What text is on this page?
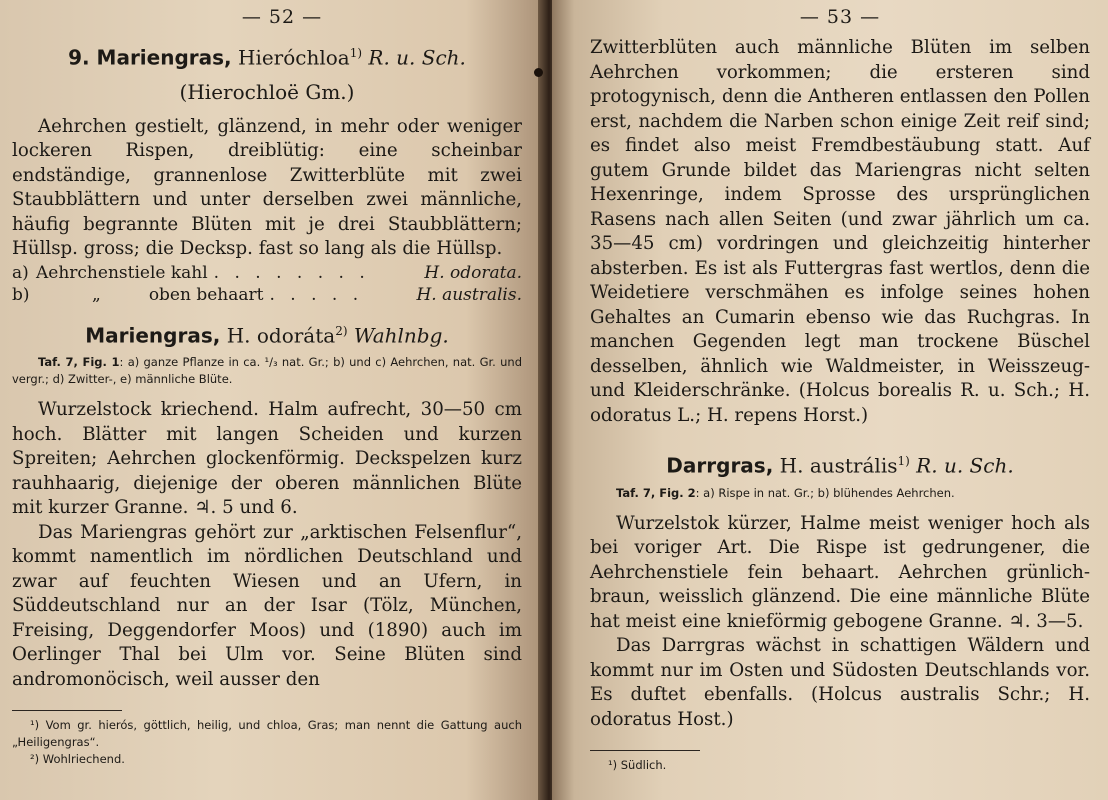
— 52 —
9. Mariengras, Hieróchloa$^{1)}$ R. u. Sch.
(Hierochloë Gm.)

Aehrchen gestielt, glänzend, in mehr oder weniger lockeren Rispen, dreiblütig: eine scheinbar endständige, grannenlose Zwitterblüte mit zwei Staubblättern und unter derselben zwei männliche, häufig begrannte Blüten mit je drei Staubblättern; Hüllsp. gross; die Decksp. fast so lang als die Hüllsp.

a) Aehrchenstiele kahl . . . . . . . .	H. odorata.
b)	„	oben behaart . . . . .	H. australis.
Mariengras, H. odoráta$^{2)}$ Wahlnbg.
Taf. 7, Fig. 1: a) ganze Pflanze in ca. ¹/₃ nat. Gr.; b) und c) Aehrchen, nat. Gr. und vergr.; d) Zwitter-, e) männliche Blüte.

Wurzelstock kriechend. Halm aufrecht, 30—50 cm hoch. Blätter mit langen Scheiden und kurzen Spreiten; Aehrchen glockenförmig. Deckspelzen kurz rauhhaarig, diejenige der oberen männlichen Blüte mit kurzer Granne. ♃. 5 und 6.

Das Mariengras gehört zur „arktischen Felsenflur“, kommt namentlich im nördlichen Deutschland und zwar auf feuchten Wiesen und an Ufern, in Süddeutschland nur an der Isar (Tölz, München, Freising, Deggendorfer Moos) und (1890) auch im Oerlinger Thal bei Ulm vor. Seine Blüten sind andromonöcisch, weil ausser den

¹) Vom gr. hierós, göttlich, heilig, und chloa, Gras; man nennt die Gattung auch „Heiligengras“.
²) Wohlriechend.
— 53 —

Zwitterblüten auch männliche Blüten im selben Aehrchen vorkommen; die ersteren sind protogynisch, denn die Antheren entlassen den Pollen erst, nachdem die Narben schon einige Zeit reif sind; es findet also meist Fremdbestäubung statt. Auf gutem Grunde bildet das Mariengras nicht selten Hexenringe, indem Sprosse des ursprünglichen Rasens nach allen Seiten (und zwar jährlich um ca. 35—45 cm) vordringen und gleichzeitig hinterher absterben. Es ist als Futtergras fast wertlos, denn die Weidetiere verschmähen es infolge seines hohen Gehaltes an Cumarin ebenso wie das Ruchgras. In manchen Gegenden legt man trockene Büschel desselben, ähnlich wie Waldmeister, in Weisszeug- und Kleiderschränke. (Holcus borealis R. u. Sch.; H. odoratus L.; H. repens Horst.)

Darrgras, H. austrális$^{1)}$ R. u. Sch.
Taf. 7, Fig. 2: a) Rispe in nat. Gr.; b) blühendes Aehrchen.

Wurzelstok kürzer, Halme meist weniger hoch als bei voriger Art. Die Rispe ist gedrungener, die Aehrchenstiele fein behaart. Aehrchen grünlich-braun, weisslich glänzend. Die eine männliche Blüte hat meist eine knieförmig gebogene Granne. ♃. 3—5.

Das Darrgras wächst in schattigen Wäldern und kommt nur im Osten und Südosten Deutschlands vor. Es duftet ebenfalls. (Holcus australis Schr.; H. odoratus Host.)

¹) Südlich.
